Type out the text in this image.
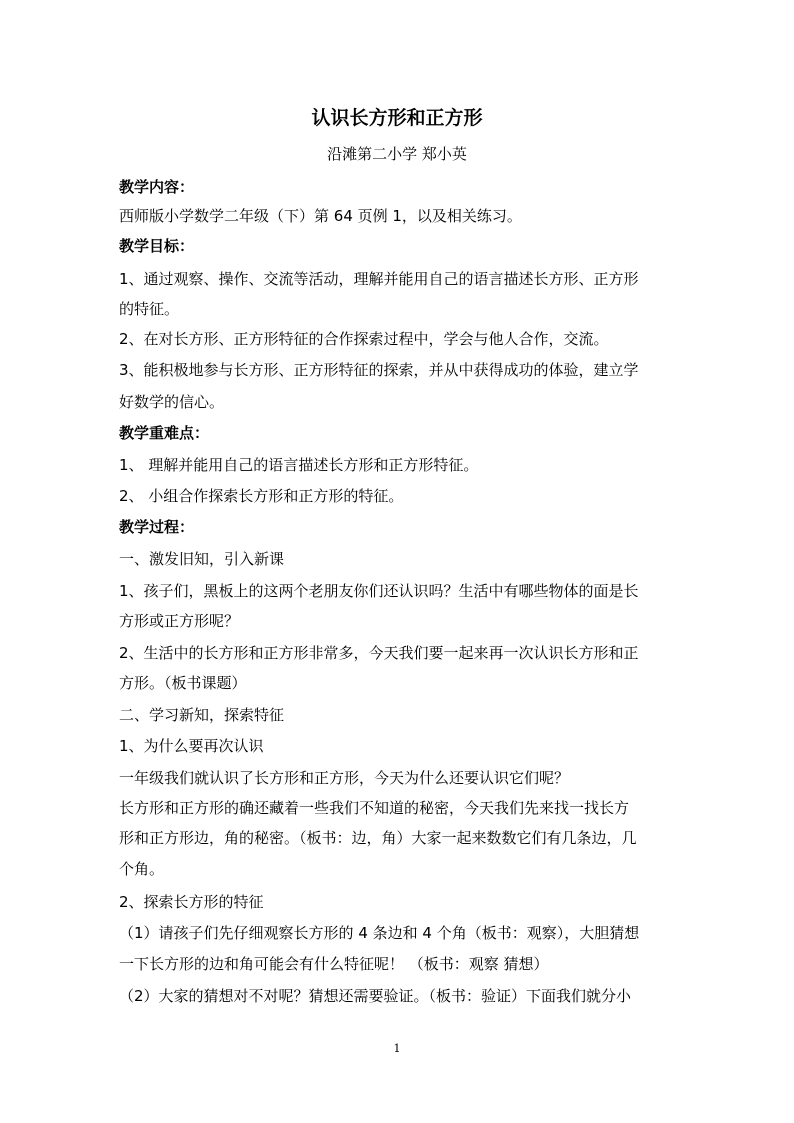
认识长方形和正方形
沿滩第二小学 郑小英
教学内容：
西师版小学数学二年级（下）第 64 页例 1，以及相关练习。
教学目标：
1、通过观察、操作、交流等活动，理解并能用自己的语言描述长方形、正方形
的特征。
2、在对长方形、正方形特征的合作探索过程中，学会与他人合作，交流。
3、能积极地参与长方形、正方形特征的探索，并从中获得成功的体验，建立学
好数学的信心。
教学重难点：
1、 理解并能用自己的语言描述长方形和正方形特征。
2、 小组合作探索长方形和正方形的特征。
教学过程：
一、激发旧知，引入新课
1、孩子们，黑板上的这两个老朋友你们还认识吗？生活中有哪些物体的面是长
方形或正方形呢？
2、生活中的长方形和正方形非常多，今天我们要一起来再一次认识长方形和正
方形。（板书课题）
二、学习新知，探索特征
1、为什么要再次认识
一年级我们就认识了长方形和正方形，今天为什么还要认识它们呢？
长方形和正方形的确还藏着一些我们不知道的秘密，今天我们先来找一找长方
形和正方形边，角的秘密。（板书：边，角）大家一起来数数它们有几条边，几
个角。
2、探索长方形的特征
（1）请孩子们先仔细观察长方形的 4 条边和 4 个角（板书：观察），大胆猜想
一下长方形的边和角可能会有什么特征呢！ （板书：观察 猜想）
（2）大家的猜想对不对呢？猜想还需要验证。（板书：验证）下面我们就分小
1
